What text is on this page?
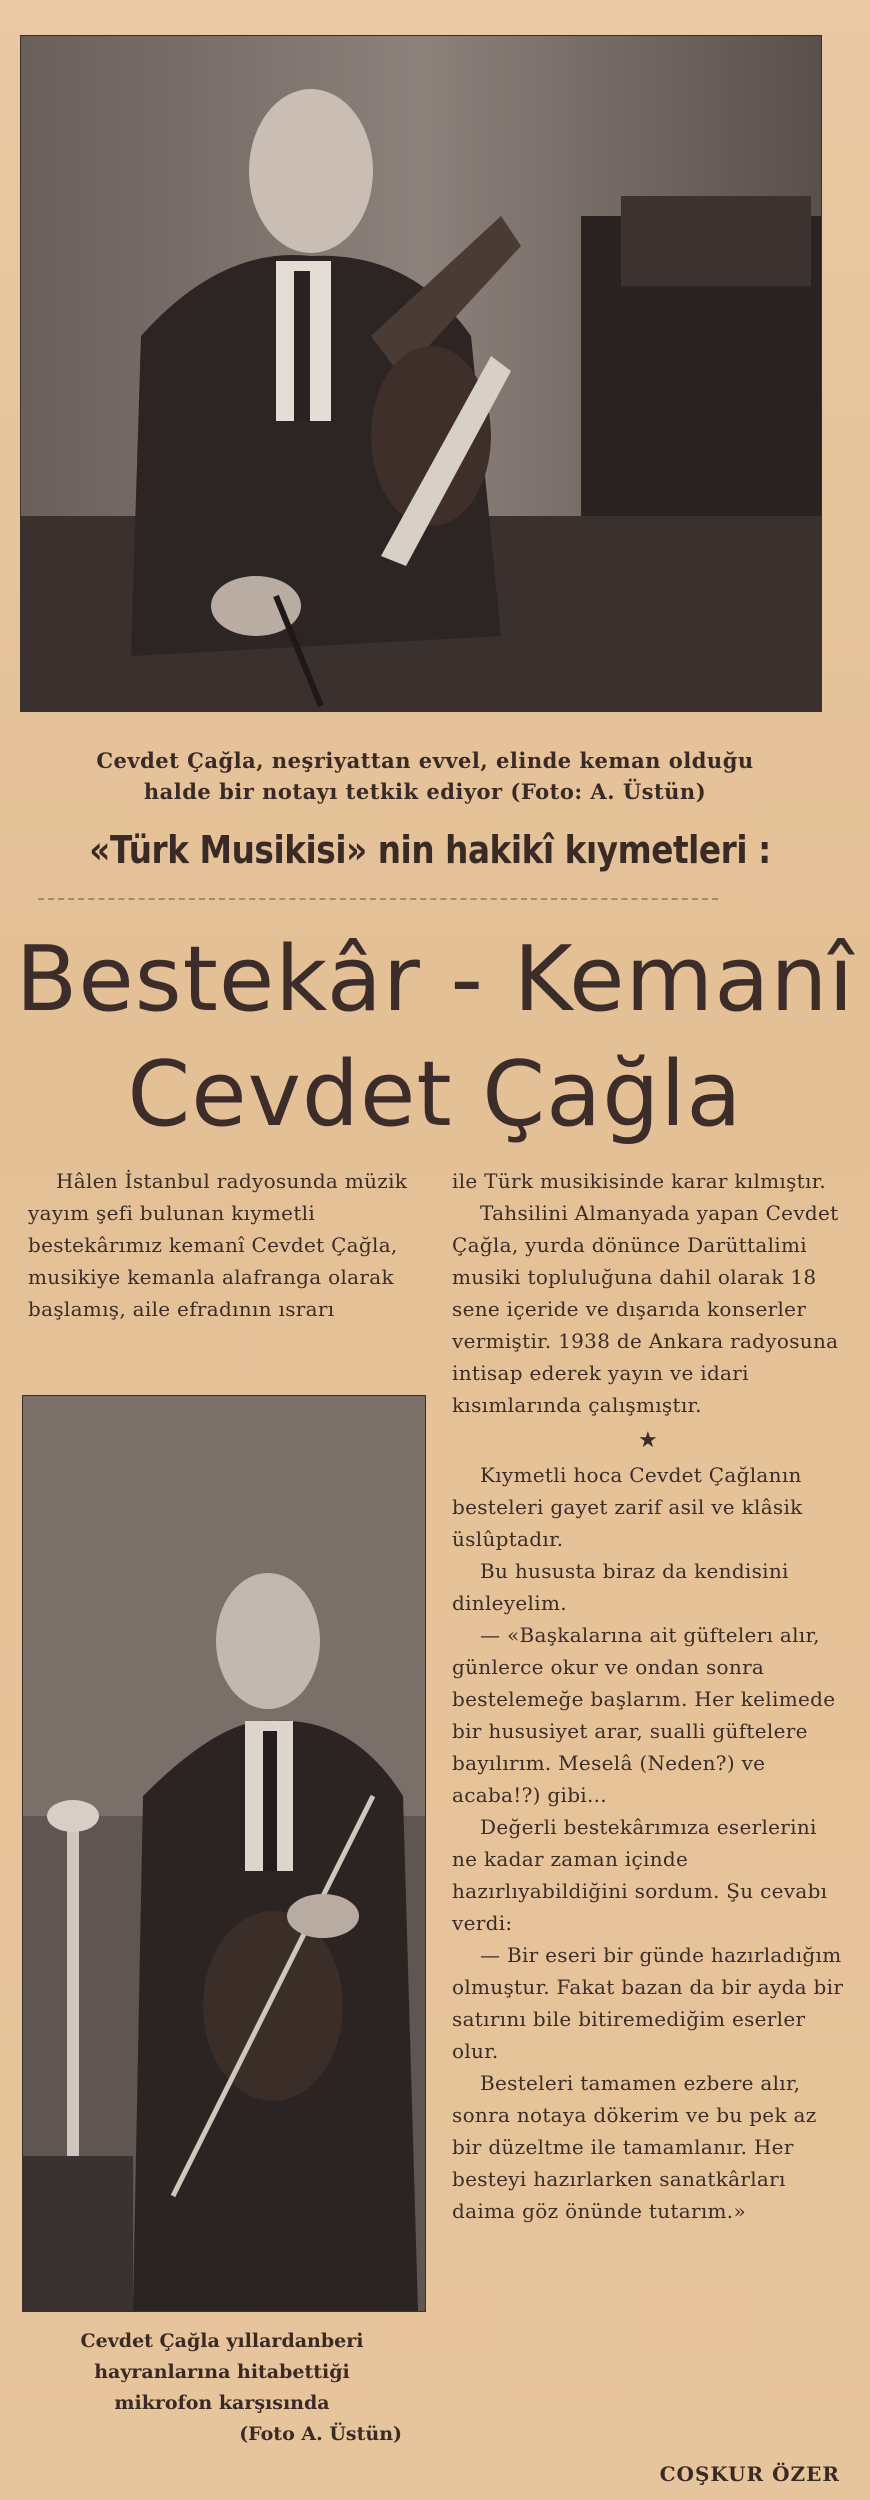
Cevdet Çağla, neşriyattan evvel, elinde keman olduğu
halde bir notayı tetkik ediyor (Foto: A. Üstün)
«Türk Musikisi» nin hakikî kıymetleri :
Bestekâr - Kemanî
Cevdet Çağla

Hâlen İstanbul radyosunda müzik yayım şefi bulunan kıymetli bestekârımız kemanî Cevdet Çağla, musikiye kemanla alafranga olarak başlamış, aile efradının ısrarı

Cevdet Çağla yıllardanberi
hayranlarına hitabettiği
mikrofon karşısında
(Foto A. Üstün)

ile Türk musikisinde karar kılmıştır.

Tahsilini Almanyada yapan Cevdet Çağla, yurda dönünce Darüttalimi musiki topluluğuna dahil olarak 18 sene içeride ve dışarıda konserler vermiştir. 1938 de Ankara radyosuna intisap ederek yayın ve idari kısımlarında çalışmıştır.

★

Kıymetli hoca Cevdet Çağlanın besteleri gayet zarif asil ve klâsik üslûptadır.

Bu hususta biraz da kendisini dinleyelim.

— «Başkalarına ait güftelerı alır, günlerce okur ve ondan sonra bestelemeğe başlarım. Her kelimede bir hususiyet arar, sualli güftelere bayılırım. Meselâ (Neden?) ve acaba!?) gibi...

Değerli bestekârımıza eserlerini ne kadar zaman içinde hazırlıyabildiğini sordum. Şu cevabı verdi:

— Bir eseri bir günde hazırladığım olmuştur. Fakat bazan da bir ayda bir satırını bile bitiremediğim eserler olur.

Besteleri tamamen ezbere alır, sonra notaya dökerim ve bu pek az bir düzeltme ile tamamlanır. Her besteyi hazırlarken sanatkârları daima göz önünde tutarım.»

COŞKUR ÖZER
